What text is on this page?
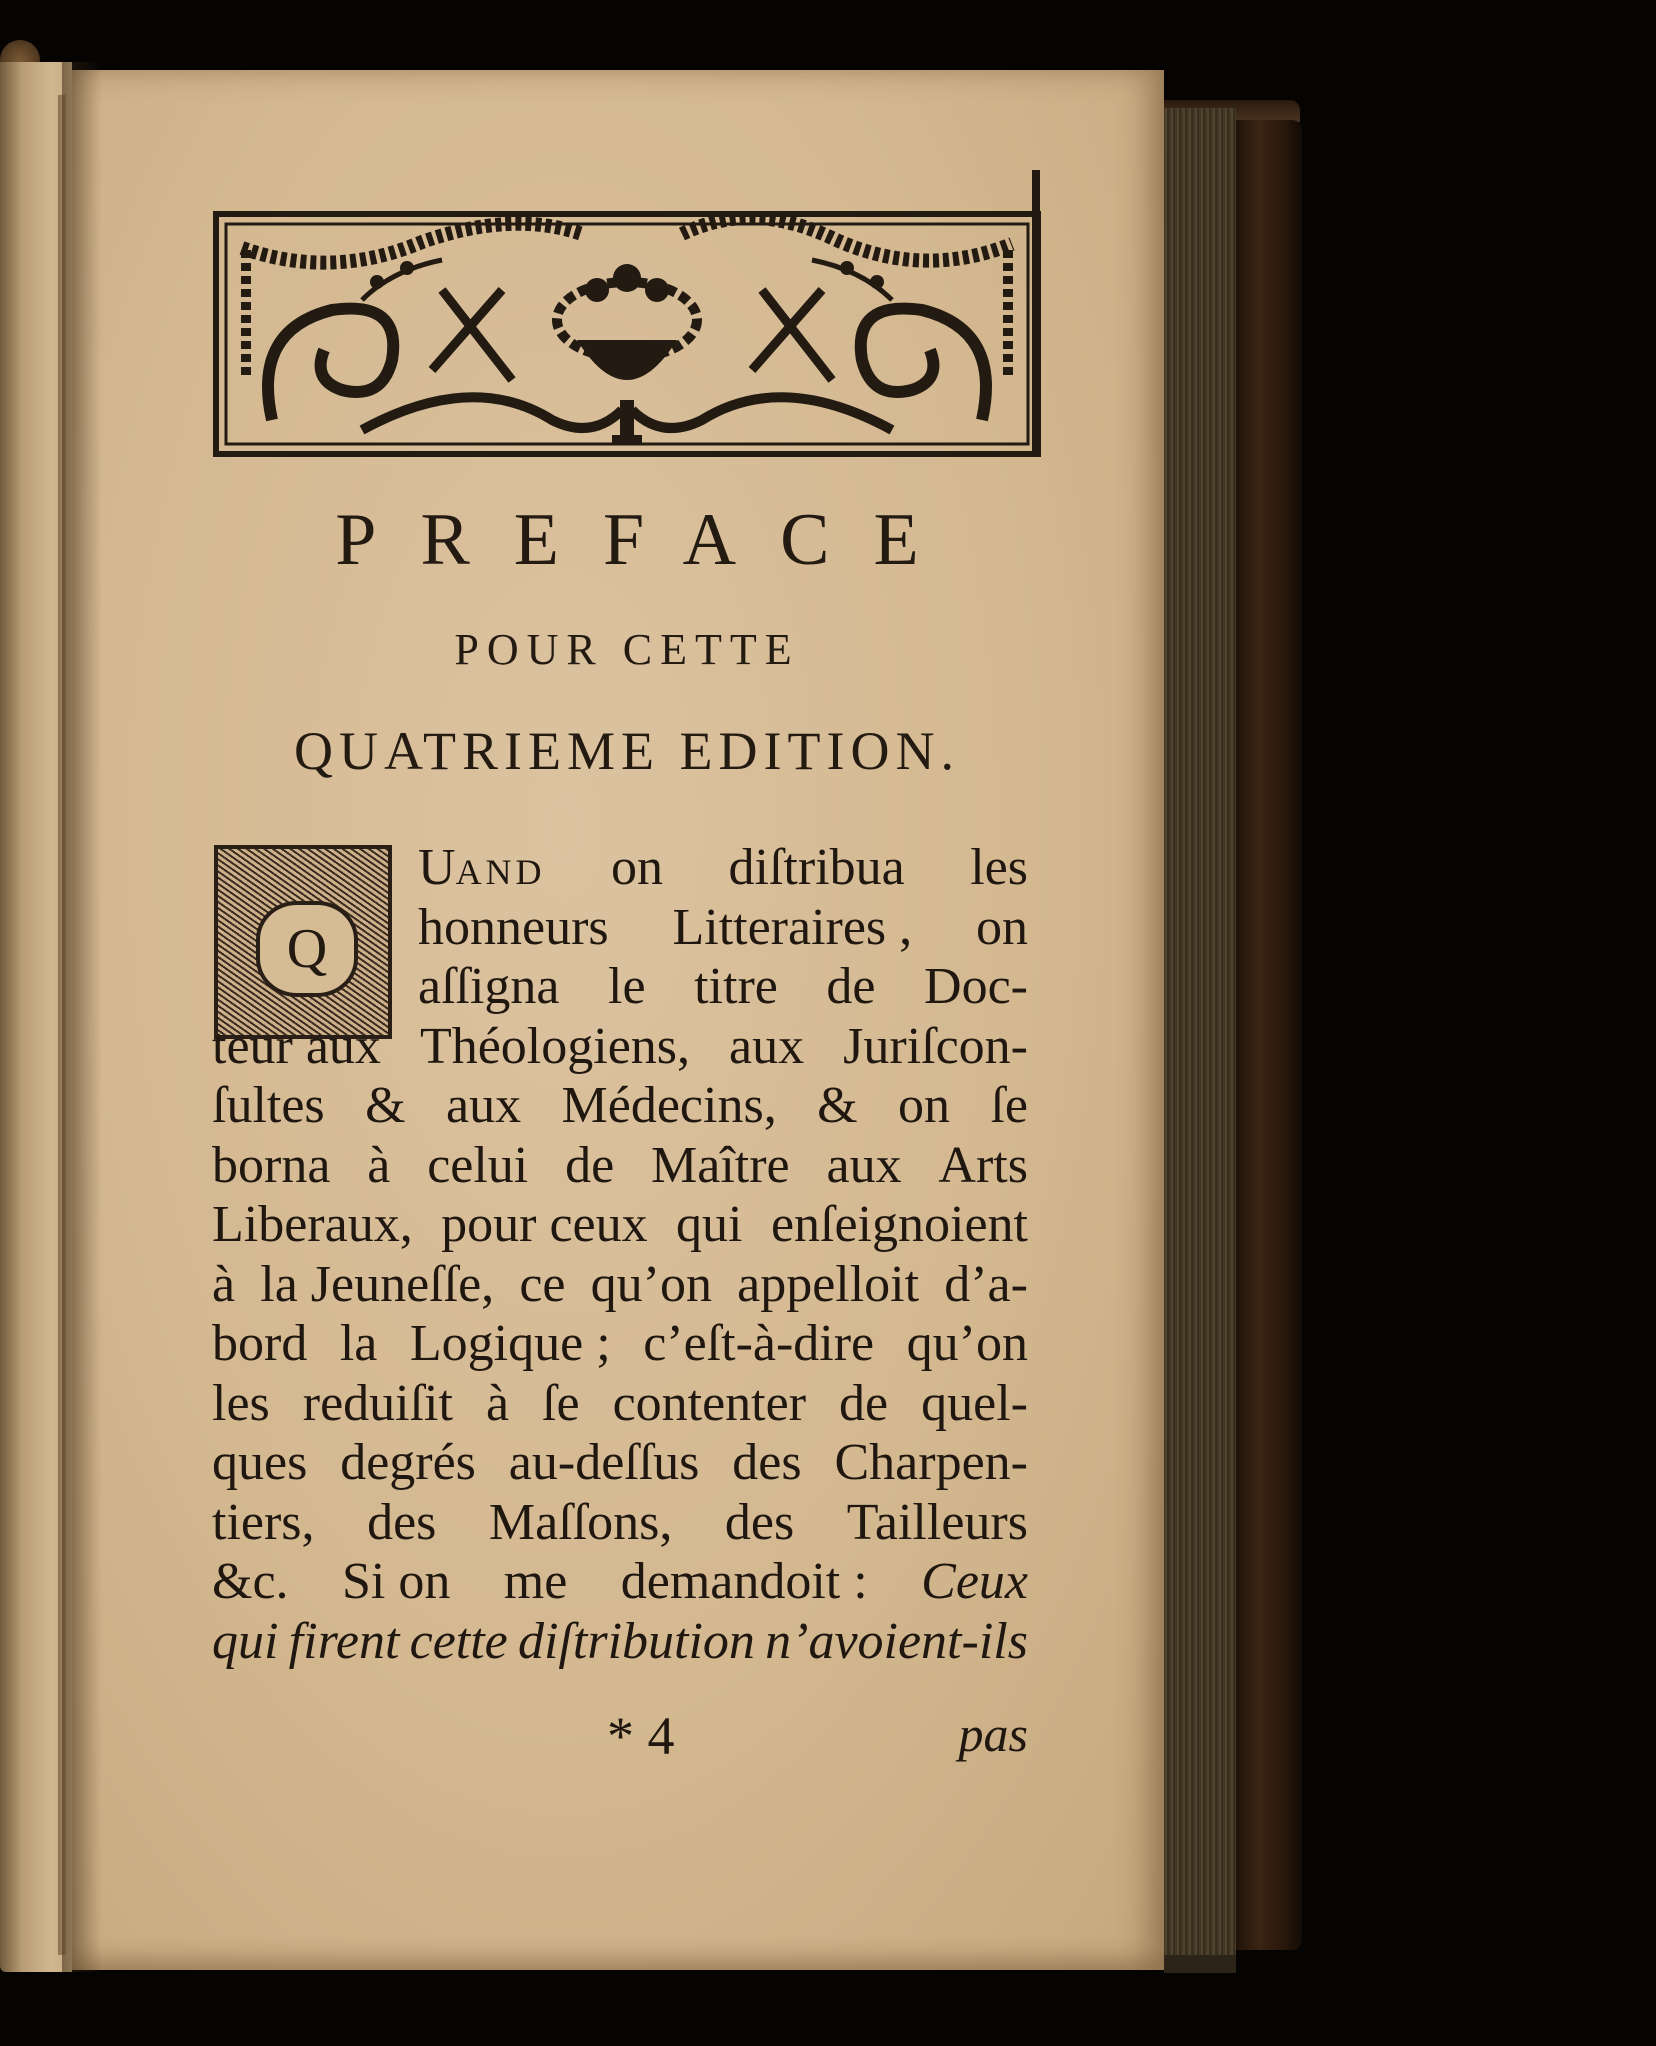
PREFACE
POUR CETTE
QUATRIEME EDITION.
Q
UAND on diſtribua les
honneurs Litteraires , on
aſſigna le titre de Doc-
teur aux Théologiens, aux Juriſcon-
ſultes & aux Médecins, & on ſe
borna à celui de Maître aux Arts
Liberaux, pour ceux qui enſeignoient
à la Jeuneſſe, ce qu’on appelloit d’a-
bord la Logique ; c’eſt-à-dire qu’on
les reduiſit à ſe contenter de quel-
ques degrés au-deſſus des Charpen-
tiers, des Maſſons, des Tailleurs
&c. Si on me demandoit : Ceux
qui firent cette diſtribution n’avoient-ils
* 4	pas
